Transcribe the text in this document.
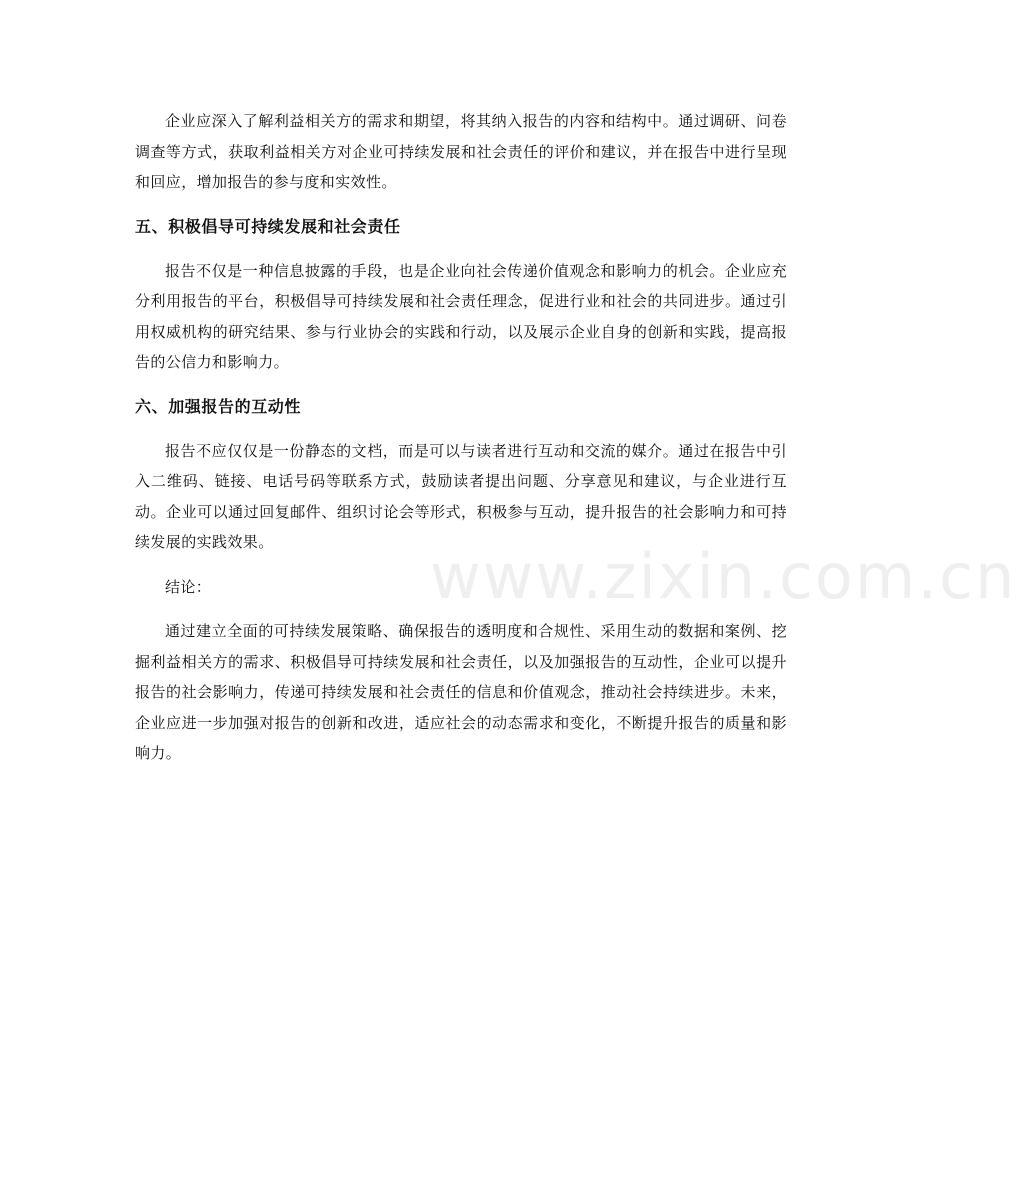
企业应深入了解利益相关方的需求和期望，将其纳入报告的内容和结构中。通过调研、问卷调查等方式，获取利益相关方对企业可持续发展和社会责任的评价和建议，并在报告中进行呈现和回应，增加报告的参与度和实效性。

五、积极倡导可持续发展和社会责任

报告不仅是一种信息披露的手段，也是企业向社会传递价值观念和影响力的机会。企业应充分利用报告的平台，积极倡导可持续发展和社会责任理念，促进行业和社会的共同进步。通过引用权威机构的研究结果、参与行业协会的实践和行动，以及展示企业自身的创新和实践，提高报告的公信力和影响力。

六、加强报告的互动性

报告不应仅仅是一份静态的文档，而是可以与读者进行互动和交流的媒介。通过在报告中引入二维码、链接、电话号码等联系方式，鼓励读者提出问题、分享意见和建议，与企业进行互动。企业可以通过回复邮件、组织讨论会等形式，积极参与互动，提升报告的社会影响力和可持续发展的实践效果。

结论：

通过建立全面的可持续发展策略、确保报告的透明度和合规性、采用生动的数据和案例、挖掘利益相关方的需求、积极倡导可持续发展和社会责任，以及加强报告的互动性，企业可以提升报告的社会影响力，传递可持续发展和社会责任的信息和价值观念，推动社会持续进步。未来，企业应进一步加强对报告的创新和改进，适应社会的动态需求和变化，不断提升报告的质量和影响力。

www.zixin.com.cn
